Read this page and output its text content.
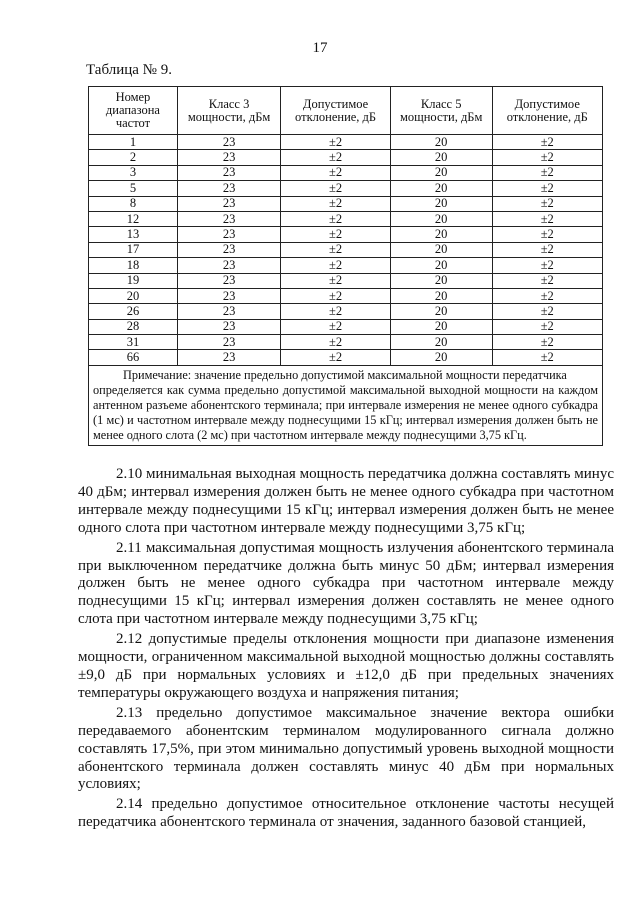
17
Таблица № 9.
Номер диапазона частот	Класс 3 мощности, дБм	Допустимое отклонение, дБ	Класс 5 мощности, дБм	Допустимое отклонение, дБ
1	23	±2	20	±2
2	23	±2	20	±2
3	23	±2	20	±2
5	23	±2	20	±2
8	23	±2	20	±2
12	23	±2	20	±2
13	23	±2	20	±2
17	23	±2	20	±2
18	23	±2	20	±2
19	23	±2	20	±2
20	23	±2	20	±2
26	23	±2	20	±2
28	23	±2	20	±2
31	23	±2	20	±2
66	23	±2	20	±2

Примечание: значение предельно допустимой максимальной мощности передатчика
определяется как сумма предельно допустимой максимальной выходной мощности на каждом антенном разъеме абонентского терминала; при интервале измерения не менее одного субкадра (1 мс) и частотном интервале между поднесущими 15 кГц; интервал измерения должен быть не менее одного слота (2 мс) при частотном интервале между поднесущими 3,75 кГц.				

2.10 минимальная выходная мощность передатчика должна составлять минус 40 дБм; интервал измерения должен быть не менее одного субкадра при частотном интервале между поднесущими 15 кГц; интервал измерения должен быть не менее одного слота при частотном интервале между поднесущими 3,75 кГц;

2.11 максимальная допустимая мощность излучения абонентского терминала при выключенном передатчике должна быть минус 50 дБм; интервал измерения должен быть не менее одного субкадра при частотном интервале между поднесущими 15 кГц; интервал измерения должен составлять не менее одного слота при частотном интервале между поднесущими 3,75 кГц;

2.12 допустимые пределы отклонения мощности при диапазоне изменения мощности, ограниченном максимальной выходной мощностью должны составлять ±9,0 дБ при нормальных условиях и ±12,0 дБ при предельных значениях температуры окружающего воздуха и напряжения питания;

2.13 предельно допустимое максимальное значение вектора ошибки передаваемого абонентским терминалом модулированного сигнала должно составлять 17,5%, при этом минимально допустимый уровень выходной мощности абонентского терминала должен составлять минус 40 дБм при нормальных условиях;

2.14 предельно допустимое относительное отклонение частоты несущей передатчика абонентского терминала от значения, заданного базовой станцией,
